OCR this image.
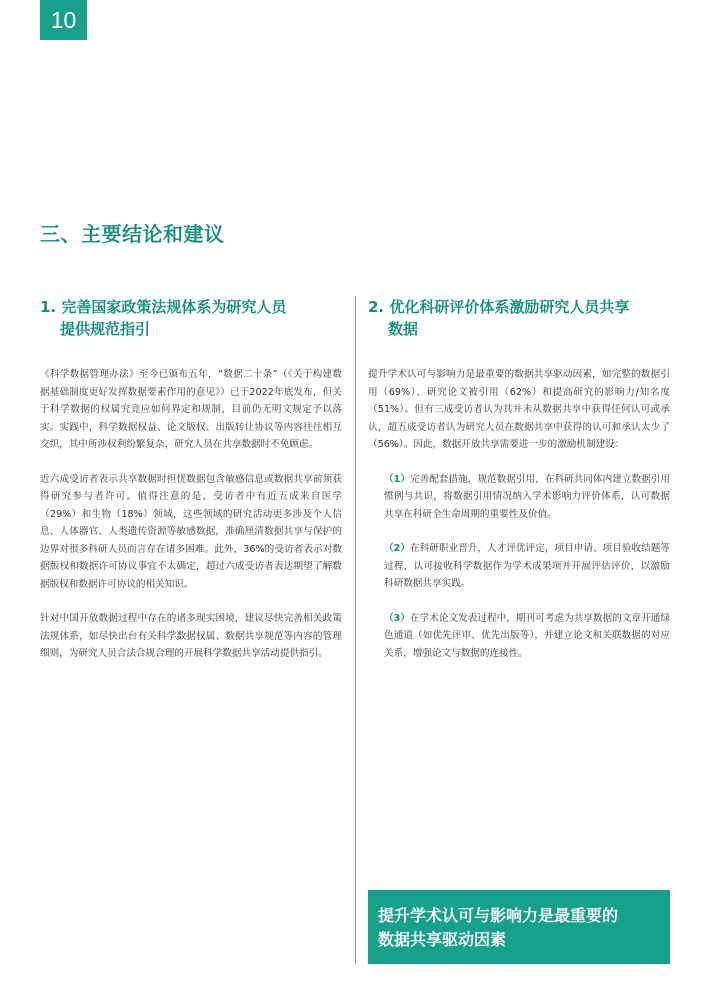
10
三、主要结论和建议
1. 完善国家政策法规体系为研究人员
提供规范指引

《科学数据管理办法》至今已颁布五年，“数据二十条”（《关于构建数据基础制度更好发挥数据要素作用的意见》）已于2022年底发布，但关于科学数据的权属究竟应如何界定和规制，目前仍无明文规定予以落实。实践中，科学数据权益、论文版权、出版转让协议等内容往往相互交织，其中所涉权利纷繁复杂，研究人员在共享数据时不免顾虑。

近六成受访者表示共享数据时担忧数据包含敏感信息或数据共享前须获得研究参与者许可。值得注意的是，受访者中有近五成来自医学（29%）和生物（18%）领域，这些领域的研究活动更多涉及个人信息、人体器官、人类遗传资源等敏感数据，准确厘清数据共享与保护的边界对很多科研人员而言存在诸多困难。此外，36%的受访者表示对数据版权和数据许可协议事宜不太确定，超过六成受访者表达期望了解数据版权和数据许可协议的相关知识。

针对中国开放数据过程中存在的诸多现实困境，建议尽快完善相关政策法规体系，如尽快出台有关科学数据权属、数据共享规范等内容的管理细则，为研究人员合法合规合理的开展科学数据共享活动提供指引。

2. 优化科研评价体系激励研究人员共享
数据

提升学术认可与影响力是最重要的数据共享驱动因素，如完整的数据引用（69%）、研究论文被引用（62%）和提高研究的影响力/知名度（51%）。但有三成受访者认为其并未从数据共享中获得任何认可或承认，超五成受访者认为研究人员在数据共享中获得的认可和承认太少了（56%）。因此，数据开放共享需要进一步的激励机制建设：

（1）完善配套措施，规范数据引用，在科研共同体内建立数据引用惯例与共识，将数据引用情况纳入学术影响力评价体系，认可数据共享在科研全生命周期的重要性及价值。

（2）在科研职业晋升，人才评优评定，项目申请、项目验收结题等过程，认可接收科学数据作为学术成果项并开展评估评价，以激励科研数据共享实践。

（3）在学术论文发表过程中，期刊可考虑为共享数据的文章开通绿色通道（如优先评审、优先出版等），并建立论文和关联数据的对应关系，增强论文与数据的连接性。

提升学术认可与影响力是最重要的
数据共享驱动因素
